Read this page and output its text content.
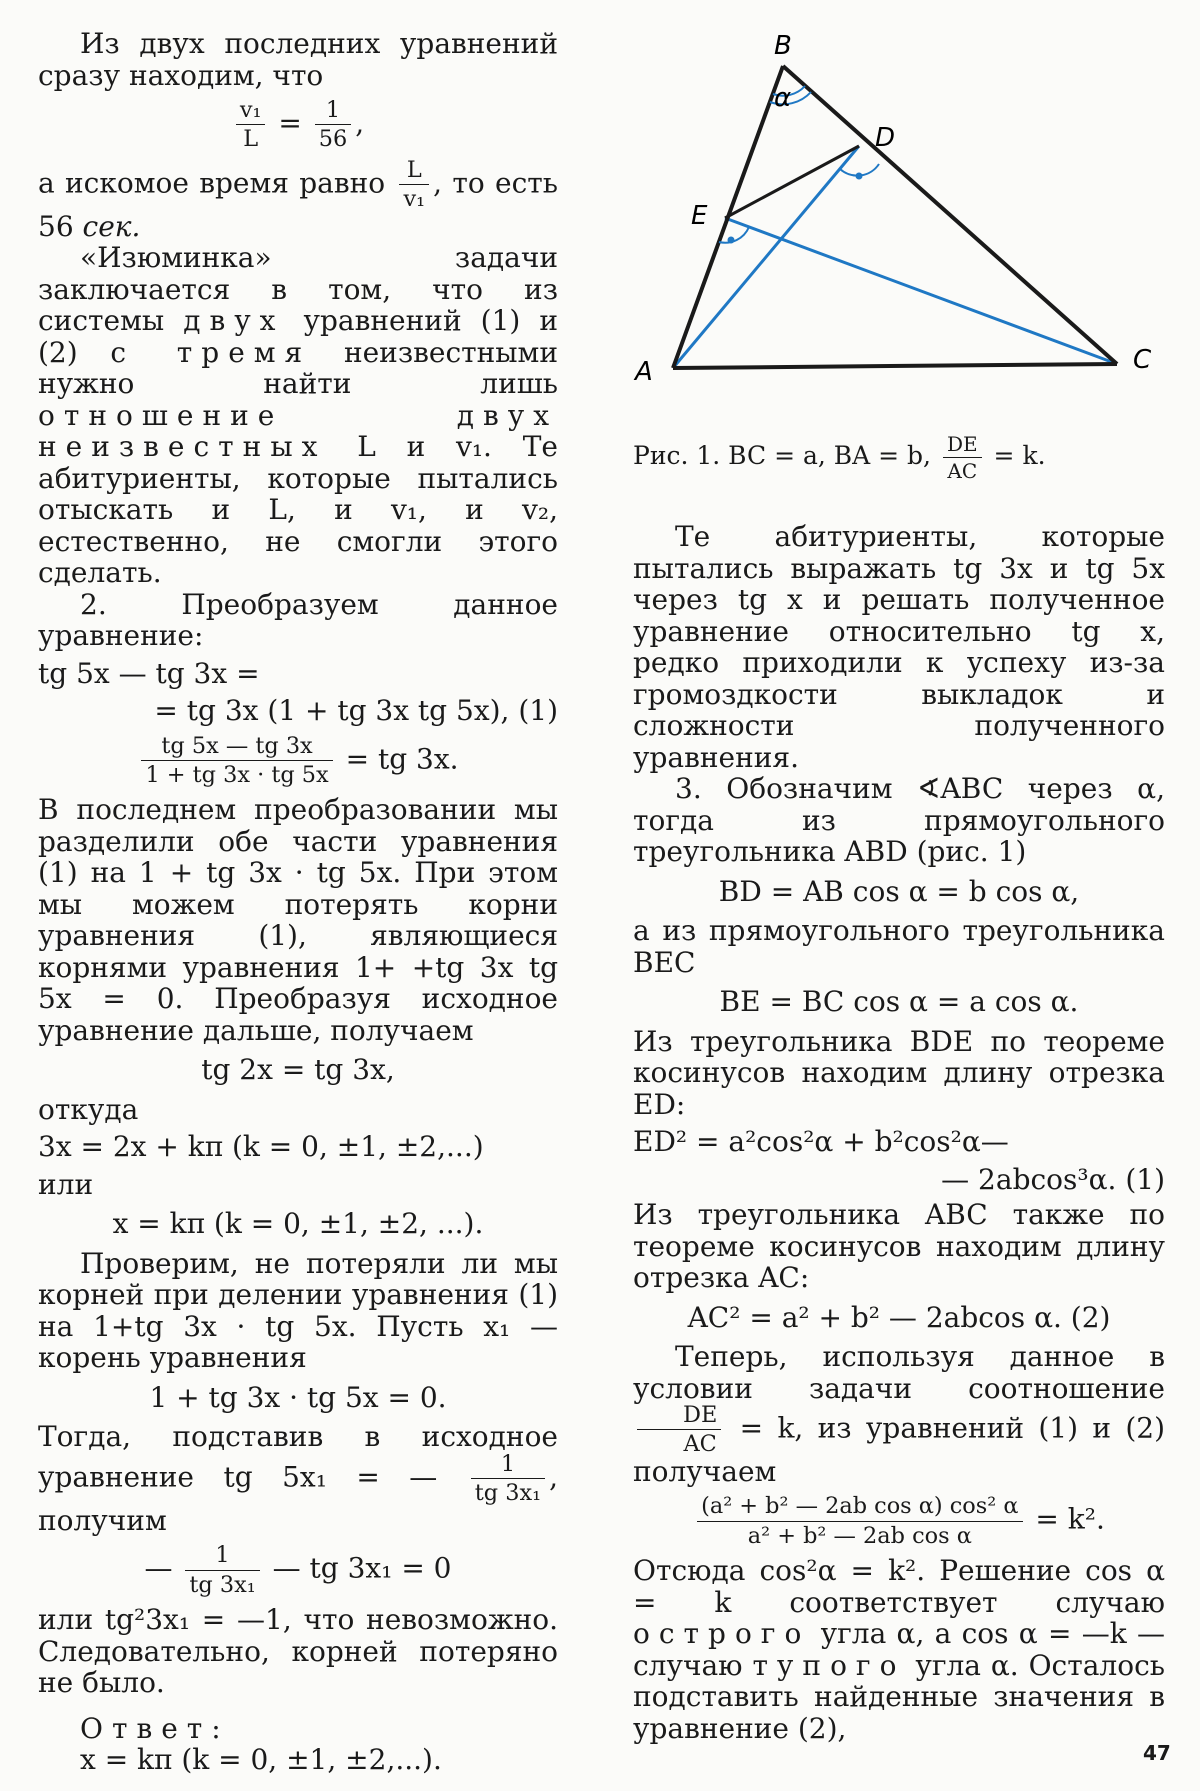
Из двух последних уравнений сразу находим, что

$\frac{\text{v₁}}{L} = \frac{1}{56}$ ,

а искомое время равно $\frac{L}{\text{v₁}}$ , то есть 56 сек.

«Изюминка» задачи заключается в том, что из системы двух уравнений (1) и (2) с тремя неизвестными нужно найти лишь отношение двух неизвестных L и v₁. Те абитуриенты, которые пытались отыскать и L, и v₁, и v₂, естественно, не смогли этого сделать.

2. Преобразуем данное уравнение:

tg 5x — tg 3x =
= tg 3x (1 + tg 3x tg 5x), (1)
$\frac{tg 5x — tg 3x}{1 + tg 3x \cdot tg 5x}$ = tg 3x.

В последнем преобразовании мы разделили обе части уравнения (1) на 1 + tg 3x · tg 5x. При этом мы можем потерять корни уравнения (1), являющиеся корнями уравнения 1+ +tg 3x tg 5x = 0. Преобразуя исходное уравнение дальше, получаем

tg 2x = tg 3x,

откуда

3x = 2x + kπ (k = 0, ±1, ±2,...)

или

x = kπ (k = 0, ±1, ±2, ...).

Проверим, не потеряли ли мы корней при делении уравнения (1) на 1+tg 3x · tg 5x. Пусть x₁ — корень уравнения

1 + tg 3x · tg 5x = 0.

Тогда, подставив в исходное уравнение tg 5x₁ = — $\frac{1}{\text{tg 3x₁}}$ , получим

— $\frac{1}{\text{tg 3x₁}}$ — tg 3x₁ = 0

или tg²3x₁ = —1, что невозможно. Следовательно, корней потеряно не было.

Ответ:

x = kπ (k = 0, ±1, ±2,...).

B
D
E
A	C
α

Рис. 1. BC = a, BA = b, $\frac{DE}{AC} = k$.

Те абитуриенты, которые пытались выражать tg 3x и tg 5x через tg x и решать полученное уравнение относительно tg x, редко приходили к успеху из-за громоздкости выкладок и сложности полученного уравнения.

3. Обозначим ∢ABC через α, тогда из прямоугольного треугольника ABD (рис. 1)

BD = AB cos α = b cos α,

а из прямоугольного треугольника BEC

BE = BC cos α = a cos α.

Из треугольника BDE по теореме косинусов находим длину отрезка ED:

ED² = a²cos²α + b²cos²α—
— 2abcos³α. (1)

Из треугольника ABC также по теореме косинусов находим длину отрезка AC:

AC² = a² + b² — 2abcos α. (2)

Теперь, используя данное в условии задачи соотношение
$\frac{DE}{AC} = k$, из уравнений (1) и (2) получаем

$\frac{\text{(a² + b² — 2ab cos α) cos² α}}{\text{a² + b² — 2ab cos α}} = k^2$.

Отсюда cos²α = k². Решение cos α = k соответствует случаю острого угла α, а cos α = —k — случаю тупого угла α. Осталось подставить найденные значения в уравнение (2),

47
